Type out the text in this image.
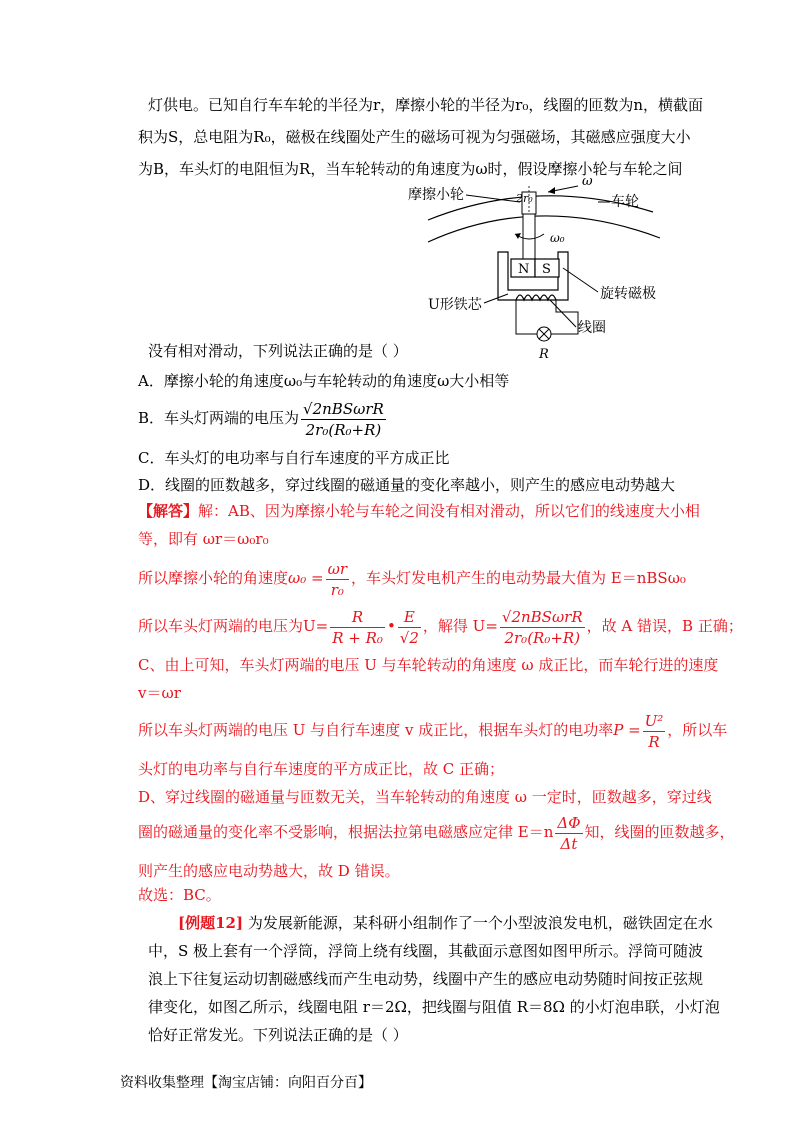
灯供电。已知自行车车轮的半径为r，摩擦小轮的半径为r₀，线圈的匝数为n，横截面
积为S，总电阻为R₀，磁极在线圈处产生的磁场可视为匀强磁场，其磁感应强度大小
为B，车头灯的电阻恒为R，当车轮转动的角速度为ω时，假设摩擦小轮与车轮之间
车轮
ω
摩擦小轮	2r₀
ω₀
N S
R
旋转磁极
U形铁芯
线圈
没有相对滑动，下列说法正确的是（ ）
A．摩擦小轮的角速度ω₀与车轮转动的角速度ω大小相等
B．车头灯两端的电压为 $\frac{\text{√2nBSωrR}}{\text{2r₀(R₀+R)}}$
C．车头灯的电功率与自行车速度的平方成正比
D．线圈的匝数越多，穿过线圈的磁通量的变化率越小，则产生的感应电动势越大
【解答】解：AB、因为摩擦小轮与车轮之间没有相对滑动，所以它们的线速度大小相
等，即有 ωr＝ω₀r₀
所以摩擦小轮的角速度$\omega_0 = \frac{\omega r}{\text{r₀}}$ ，车头灯发电机产生的电动势最大值为 E＝nBSω₀
所以车头灯两端的电压为$U= \frac{R}{\text{R + R₀}}$ • $\frac{E}{√2}$ ，解得 $U= \frac{\text{√2nBSωrR}}{\text{2r₀(R₀+R)}}$ ，故 A 错误，B 正确；
C、由上可知，车头灯两端的电压 U 与车轮转动的角速度 ω 成正比，而车轮行进的速度
v＝ωr
所以车头灯两端的电压 U 与自行车速度 v 成正比，根据车头灯的电功率$P = \frac{\text{U²}}{R}$ ，所以车
头灯的电功率与自行车速度的平方成正比，故 C 正确；
D、穿过线圈的磁通量与匝数无关，当车轮转动的角速度 ω 一定时，匝数越多，穿过线
圈的磁通量的变化率不受影响，根据法拉第电磁感应定律 $E=n \frac{\Delta\Phi}{\Delta t}$ 知，线圈的匝数越多，
则产生的感应电动势越大，故 D 错误。
故选：BC。
[例题12] 为发展新能源，某科研小组制作了一个小型波浪发电机，磁铁固定在水
中，S 极上套有一个浮筒，浮筒上绕有线圈，其截面示意图如图甲所示。浮筒可随波
浪上下往复运动切割磁感线而产生电动势，线圈中产生的感应电动势随时间按正弦规
律变化，如图乙所示，线圈电阻 r＝2Ω，把线圈与阻值 R＝8Ω 的小灯泡串联，小灯泡
恰好正常发光。下列说法正确的是（ ）
资料收集整理【淘宝店铺：向阳百分百】
